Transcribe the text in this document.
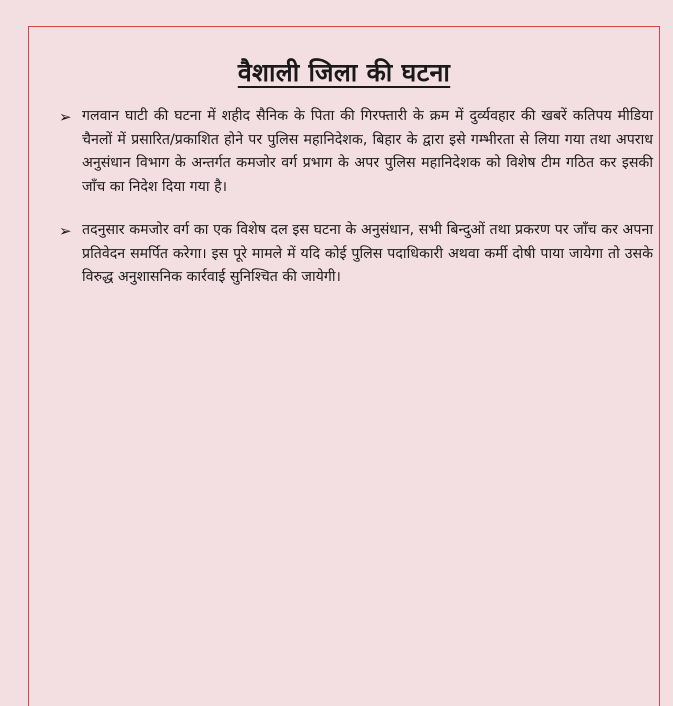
वैशाली जिला की घटना
➢ गलवान घाटी की घटना में शहीद सैनिक के पिता की गिरफ्तारी के क्रम में दुर्व्यवहार की खबरें कतिपय मीडिया चैनलों में प्रसारित/प्रकाशित होने पर पुलिस महानिदेशक, बिहार के द्वारा इसे गम्भीरता से लिया गया तथा अपराध अनुसंधान विभाग के अन्तर्गत कमजोर वर्ग प्रभाग के अपर पुलिस महानिदेशक को विशेष टीम गठित कर इसकी जाँच का निदेश दिया गया है।

➢ तदनुसार कमजोर वर्ग का एक विशेष दल इस घटना के अनुसंधान, सभी बिन्दुओं तथा प्रकरण पर जाँच कर अपना प्रतिवेदन समर्पित करेगा। इस पूरे मामले में यदि कोई पुलिस पदाधिकारी अथवा कर्मी दोषी पाया जायेगा तो उसके विरुद्ध अनुशासनिक कार्रवाई सुनिश्चित की जायेगी।
